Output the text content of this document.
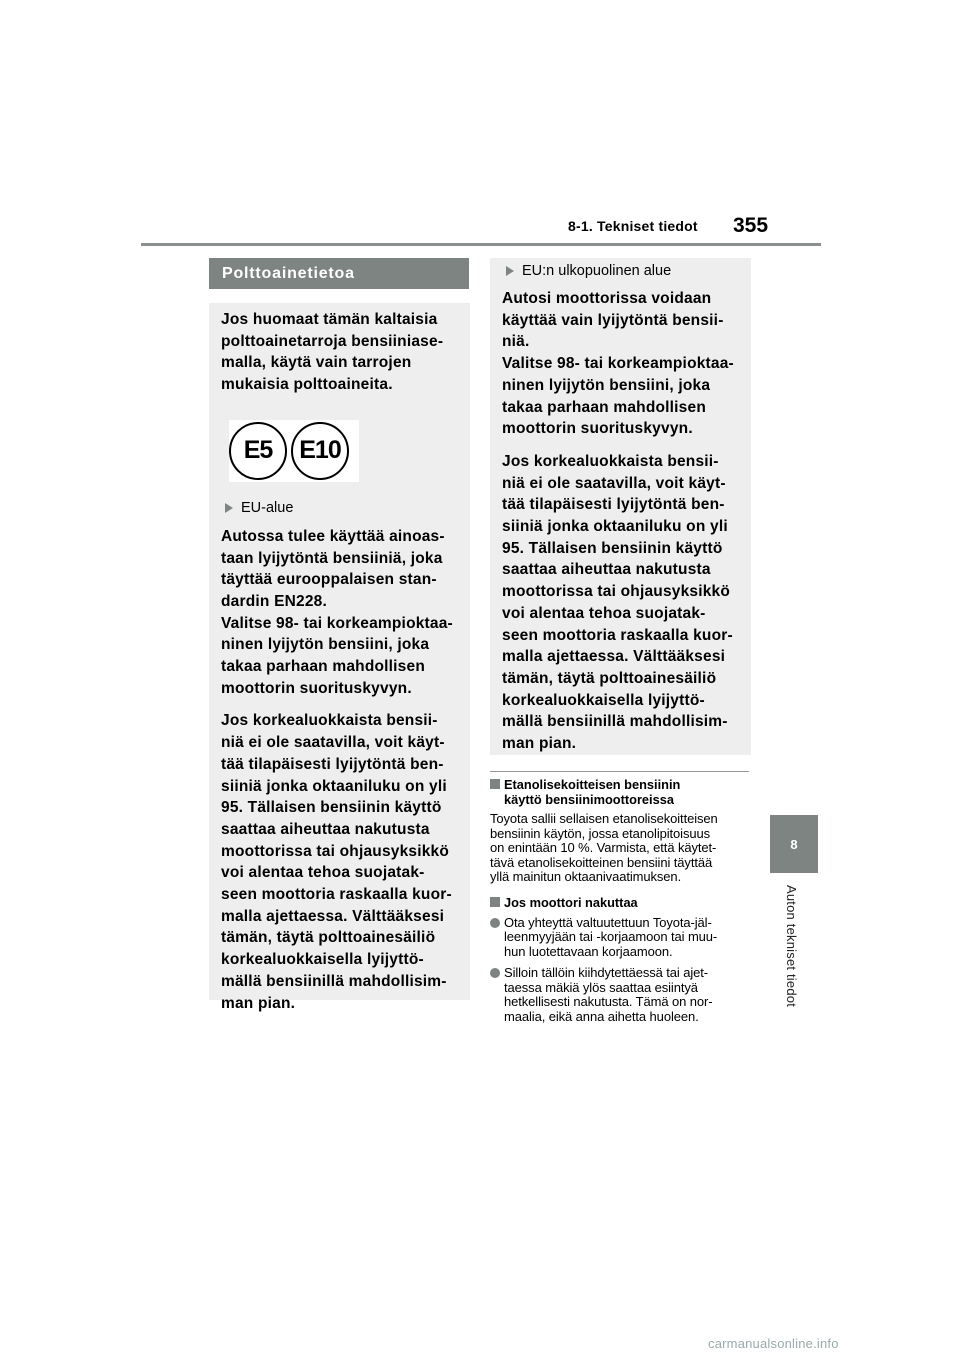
8-1. Tekniset tiedot 355
8
Auton tekniset tiedot
Polttoainetietoa

Jos huomaat tämän kaltaisia
polttoainetarroja bensiiniase-
malla, käytä vain tarrojen
mukaisia polttoaineita.

E5	E10

EU-alue

Autossa tulee käyttää ainoas-
taan lyijytöntä bensiiniä, joka
täyttää eurooppalaisen stan-
dardin EN228.
Valitse 98- tai korkeampioktaa-
ninen lyijytön bensiini, joka
takaa parhaan mahdollisen
moottorin suorituskyvyn.

Jos korkealuokkaista bensii-
niä ei ole saatavilla, voit käyt-
tää tilapäisesti lyijytöntä ben-
siiniä jonka oktaaniluku on yli
95. Tällaisen bensiinin käyttö
saattaa aiheuttaa nakutusta
moottorissa tai ohjausyksikkö
voi alentaa tehoa suojatak-
seen moottoria raskaalla kuor-
malla ajettaessa. Välttääksesi
tämän, täytä polttoainesäiliö
korkealuokkaisella lyijyttö-
mällä bensiinillä mahdollisim-
man pian.

EU:n ulkopuolinen alue

Autosi moottorissa voidaan
käyttää vain lyijytöntä bensii-
niä.
Valitse 98- tai korkeampioktaa-
ninen lyijytön bensiini, joka
takaa parhaan mahdollisen
moottorin suorituskyvyn.

Jos korkealuokkaista bensii-
niä ei ole saatavilla, voit käyt-
tää tilapäisesti lyijytöntä ben-
siiniä jonka oktaaniluku on yli
95. Tällaisen bensiinin käyttö
saattaa aiheuttaa nakutusta
moottorissa tai ohjausyksikkö
voi alentaa tehoa suojatak-
seen moottoria raskaalla kuor-
malla ajettaessa. Välttääksesi
tämän, täytä polttoainesäiliö
korkealuokkaisella lyijyttö-
mällä bensiinillä mahdollisim-
man pian.

Etanolisekoitteisen bensiinin
käyttö bensiinimoottoreissa

Toyota sallii sellaisen etanolisekoitteisen
bensiinin käytön, jossa etanolipitoisuus
on enintään 10 %. Varmista, että käytet-
tävä etanolisekoitteinen bensiini täyttää
yllä mainitun oktaanivaatimuksen.

Jos moottori nakuttaa

Ota yhteyttä valtuutettuun Toyota-jäl-
leenmyyjään tai -korjaamoon tai muu-
hun luotettavaan korjaamoon.
Silloin tällöin kiihdytettäessä tai ajet-
taessa mäkiä ylös saattaa esiintyä
hetkellisesti nakutusta. Tämä on nor-
maalia, eikä anna aihetta huoleen.
carmanualsonline.info
